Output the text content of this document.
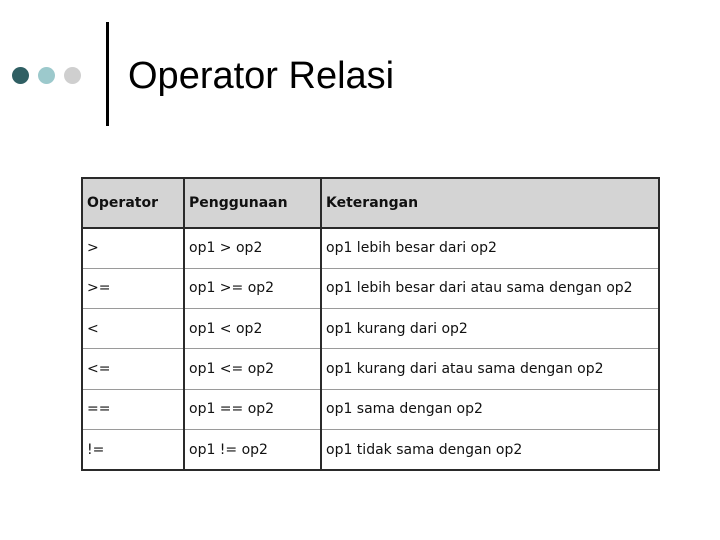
Operator Relasi
Operator	Penggunaan	Keterangan
>	op1 > op2	op1 lebih besar dari op2
>=	op1 >= op2	op1 lebih besar dari atau sama dengan op2
<	op1 < op2	op1 kurang dari op2
<=	op1 <= op2	op1 kurang dari atau sama dengan op2
==	op1 == op2	op1 sama dengan op2
!=	op1 != op2	op1 tidak sama dengan op2
